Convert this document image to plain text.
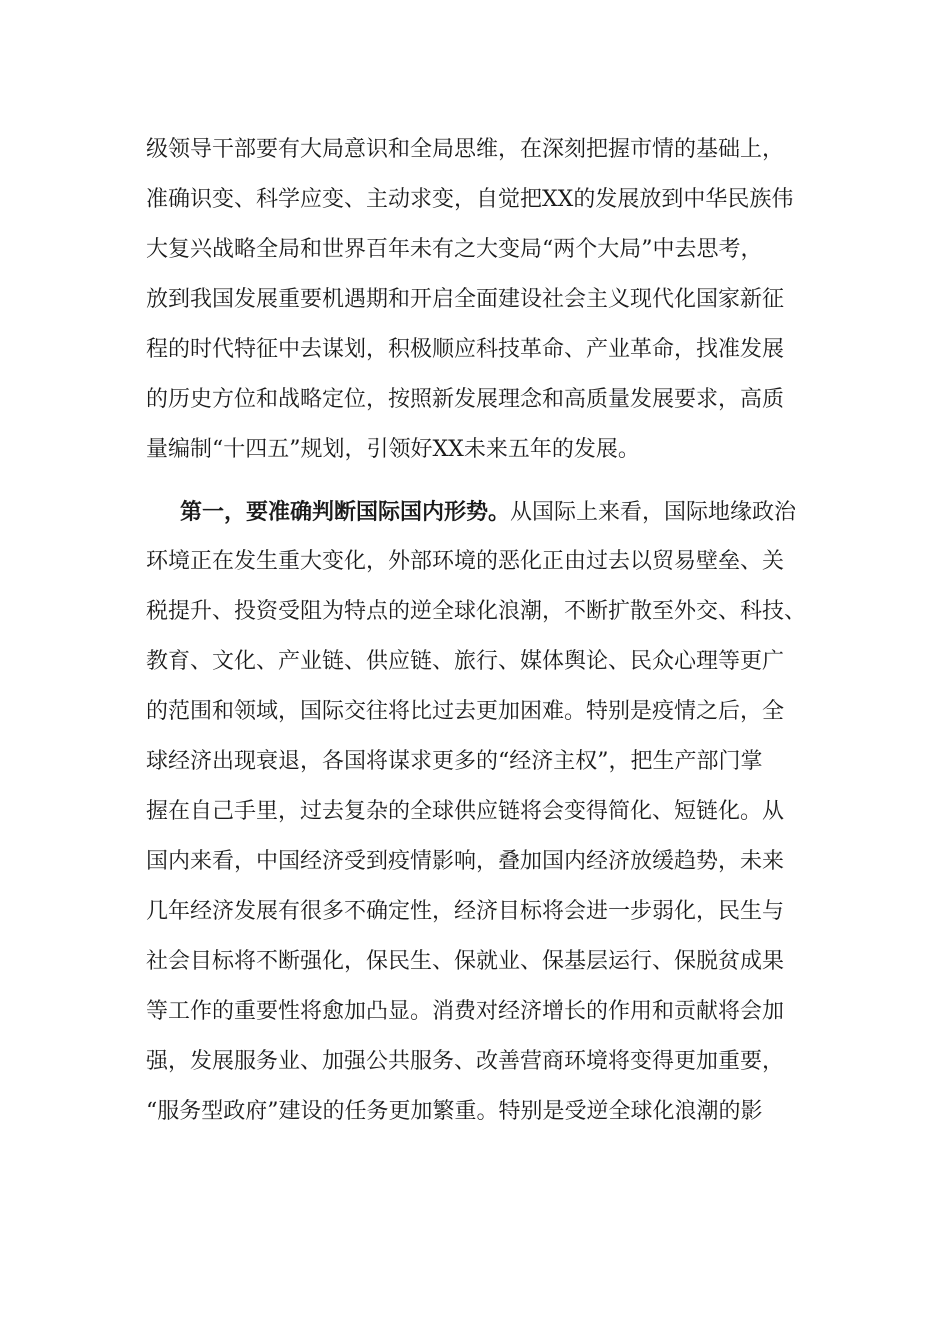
级领导干部要有大局意识和全局思维，在深刻把握市情的基础上，
准确识变、科学应变、主动求变，自觉把XX的发展放到中华民族伟
大复兴战略全局和世界百年未有之大变局“两个大局”中去思考，
放到我国发展重要机遇期和开启全面建设社会主义现代化国家新征
程的时代特征中去谋划，积极顺应科技革命、产业革命，找准发展
的历史方位和战略定位，按照新发展理念和高质量发展要求，高质
量编制“十四五”规划，引领好XX未来五年的发展。
第一，要准确判断国际国内形势。从国际上来看，国际地缘政治
环境正在发生重大变化，外部环境的恶化正由过去以贸易壁垒、关
税提升、投资受阻为特点的逆全球化浪潮，不断扩散至外交、科技、
教育、文化、产业链、供应链、旅行、媒体舆论、民众心理等更广
的范围和领域，国际交往将比过去更加困难。特别是疫情之后，全
球经济出现衰退，各国将谋求更多的“经济主权”，把生产部门掌
握在自己手里，过去复杂的全球供应链将会变得简化、短链化。从
国内来看，中国经济受到疫情影响，叠加国内经济放缓趋势，未来
几年经济发展有很多不确定性，经济目标将会进一步弱化，民生与
社会目标将不断强化，保民生、保就业、保基层运行、保脱贫成果
等工作的重要性将愈加凸显。消费对经济增长的作用和贡献将会加
强，发展服务业、加强公共服务、改善营商环境将变得更加重要，
“服务型政府”建设的任务更加繁重。特别是受逆全球化浪潮的影
